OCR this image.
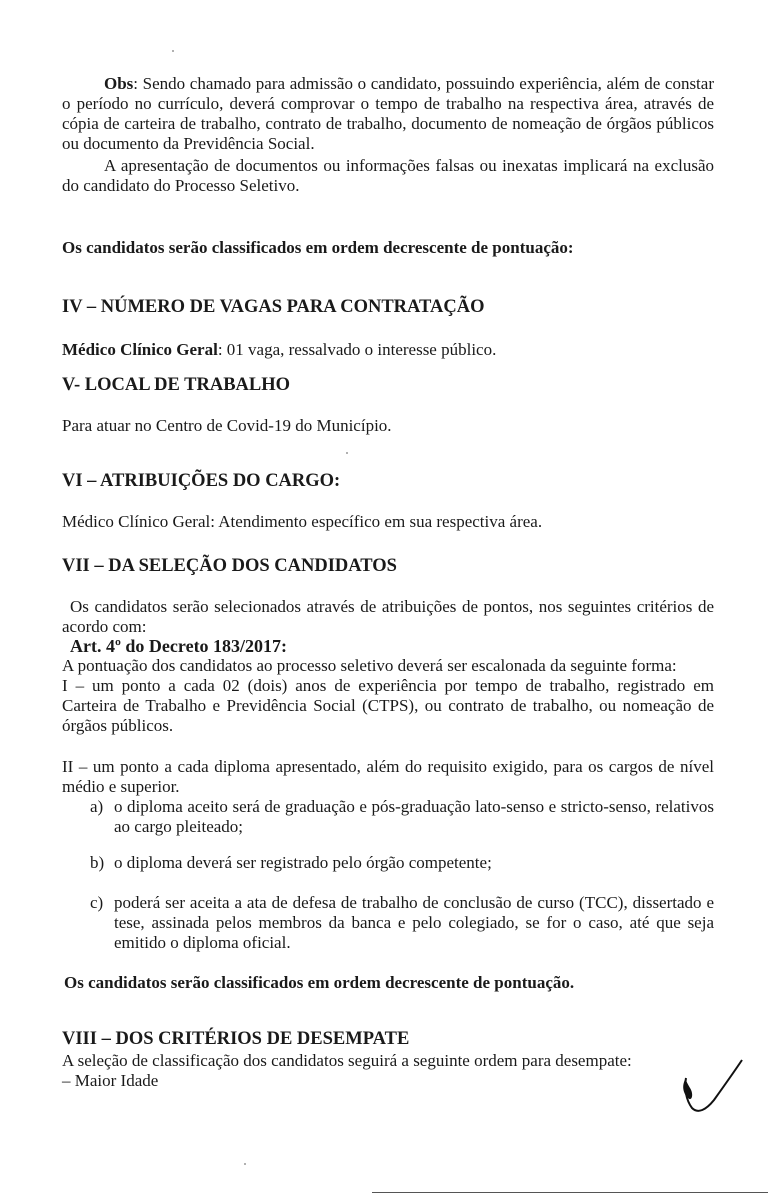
Obs: Sendo chamado para admissão o candidato, possuindo experiência, além de constar o período no currículo, deverá comprovar o tempo de trabalho na respectiva área, através de cópia de carteira de trabalho, contrato de trabalho, documento de nomeação de órgãos públicos ou documento da Previdência Social.

A apresentação de documentos ou informações falsas ou inexatas implicará na exclusão do candidato do Processo Seletivo.

Os candidatos serão classificados em ordem decrescente de pontuação:

IV – NÚMERO DE VAGAS PARA CONTRATAÇÃO

Médico Clínico Geral: 01 vaga, ressalvado o interesse público.

V- LOCAL DE TRABALHO

Para atuar no Centro de Covid-19 do Município.

VI – ATRIBUIÇÕES DO CARGO:

Médico Clínico Geral: Atendimento específico em sua respectiva área.

VII – DA SELEÇÃO DOS CANDIDATOS

Os candidatos serão selecionados através de atribuições de pontos, nos seguintes critérios de acordo com:

Art. 4º do Decreto 183/2017:

A pontuação dos candidatos ao processo seletivo deverá ser escalonada da seguinte forma:

I – um ponto a cada 02 (dois) anos de experiência por tempo de trabalho, registrado em Carteira de Trabalho e Previdência Social (CTPS), ou contrato de trabalho, ou nomeação de órgãos públicos.

II – um ponto a cada diploma apresentado, além do requisito exigido, para os cargos de nível médio e superior.

a) o diploma aceito será de graduação e pós-graduação lato-senso e stricto-senso, relativos ao cargo pleiteado;
b) o diploma deverá ser registrado pelo órgão competente;
c) poderá ser aceita a ata de defesa de trabalho de conclusão de curso (TCC), dissertado e tese, assinada pelos membros da banca e pelo colegiado, se for o caso, até que seja emitido o diploma oficial.

Os candidatos serão classificados em ordem decrescente de pontuação.

VIII – DOS CRITÉRIOS DE DESEMPATE

A seleção de classificação dos candidatos seguirá a seguinte ordem para desempate:

– Maior Idade
